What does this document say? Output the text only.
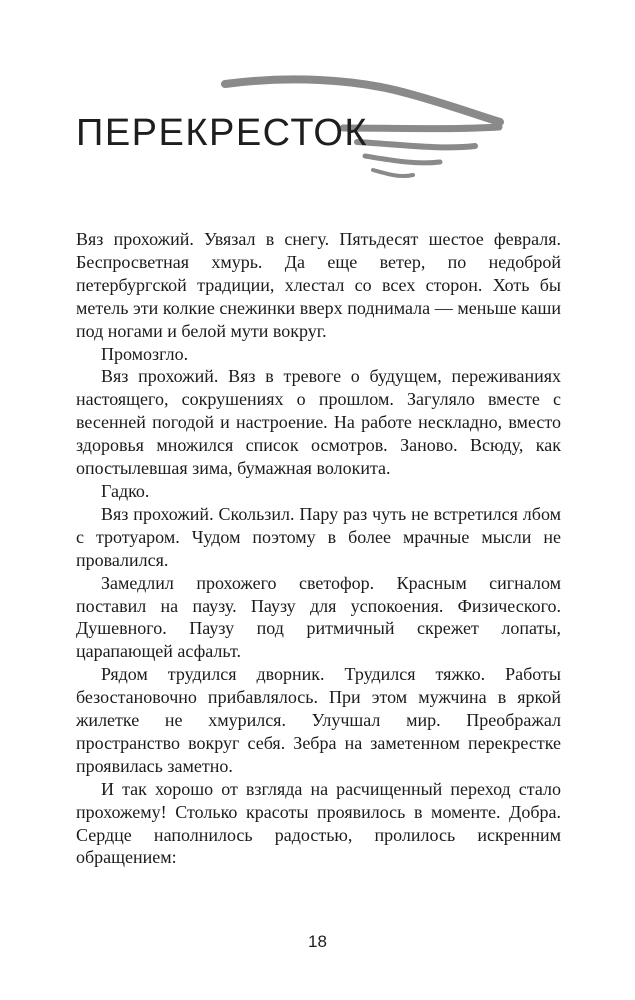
ПЕРЕКРЕСТОК

Вяз прохожий. Увязал в снегу. Пятьдесят шестое февраля. Беспросветная хмурь. Да еще ветер, по недоброй петербургской традиции, хлестал со всех сторон. Хоть бы метель эти колкие снежинки вверх поднимала — меньше каши под ногами и белой мути вокруг.

Промозгло.

Вяз прохожий. Вяз в тревоге о будущем, переживаниях настоящего, сокрушениях о прошлом. Загуляло вместе с весенней погодой и настроение. На работе нескладно, вместо здоровья множился список осмотров. Заново. Всюду, как опостылевшая зима, бумажная волокита.

Гадко.

Вяз прохожий. Скользил. Пару раз чуть не встретился лбом с тротуаром. Чудом поэтому в более мрачные мысли не провалился.

Замедлил прохожего светофор. Красным сигналом поставил на паузу. Паузу для успокоения. Физического. Душевного. Паузу под ритмичный скрежет лопаты, царапающей асфальт.

Рядом трудился дворник. Трудился тяжко. Работы безостановочно прибавлялось. При этом мужчина в яркой жилетке не хмурился. Улучшал мир. Преображал пространство вокруг себя. Зебра на заметенном перекрестке проявилась заметно.

И так хорошо от взгляда на расчищенный переход стало прохожему! Столько красоты проявилось в моменте. Добра. Сердце наполнилось радостью, пролилось искренним обращением:

18
